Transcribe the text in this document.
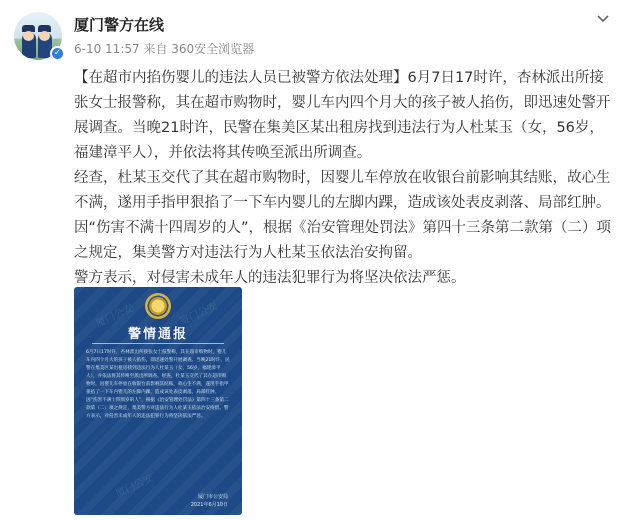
✓
厦门警方在线
6-10 11:57 来自 360安全浏览器

【在超市内掐伤婴儿的违法人员已被警方依法处理】6月7日17时许，杏林派出所接张女士报警称，其在超市购物时，婴儿车内四个月大的孩子被人掐伤，即迅速处警开展调查。当晚21时许，民警在集美区某出租房找到违法行为人杜某玉（女，56岁，福建漳平人），并依法将其传唤至派出所调查。

经查，杜某玉交代了其在超市购物时，因婴儿车停放在收银台前影响其结账，故心生不满，遂用手指甲狠掐了一下车内婴儿的左脚内踝，造成该处表皮剥落、局部红肿。因“伤害不满十四周岁的人”，根据《治安管理处罚法》第四十三条第二款第（二）项之规定，集美警方对违法行为人杜某玉依法治安拘留。

警方表示，对侵害未成年人的违法犯罪行为将坚决依法严惩。

厦门公安	厦门公安
厦门公安
警情通报
6月7日17时许，杏林派出所接张女士报警称，其在超市购物时，婴儿车内四个月大的孩子被人掐伤，即迅速处警开展调查。当晚21时许，民警在集美区某出租房找到违法行为人杜某玉（女，56岁，福建漳平人），并依法将其传唤至派出所调查。经查，杜某玉交代了其在超市购物时，因婴儿车停放在收银台前影响其结账，故心生不满，遂用手指甲狠掐了一下车内婴儿的左脚内踝，造成该处表皮剥落、局部红肿。因“伤害不满十四周岁的人”，根据《治安管理处罚法》第四十三条第二款第（二）项之规定，集美警方对违法行为人杜某玉依法治安拘留。警方表示，对侵害未成年人的违法犯罪行为将坚决依法严惩。
厦门市公安局
2021年6月10日
